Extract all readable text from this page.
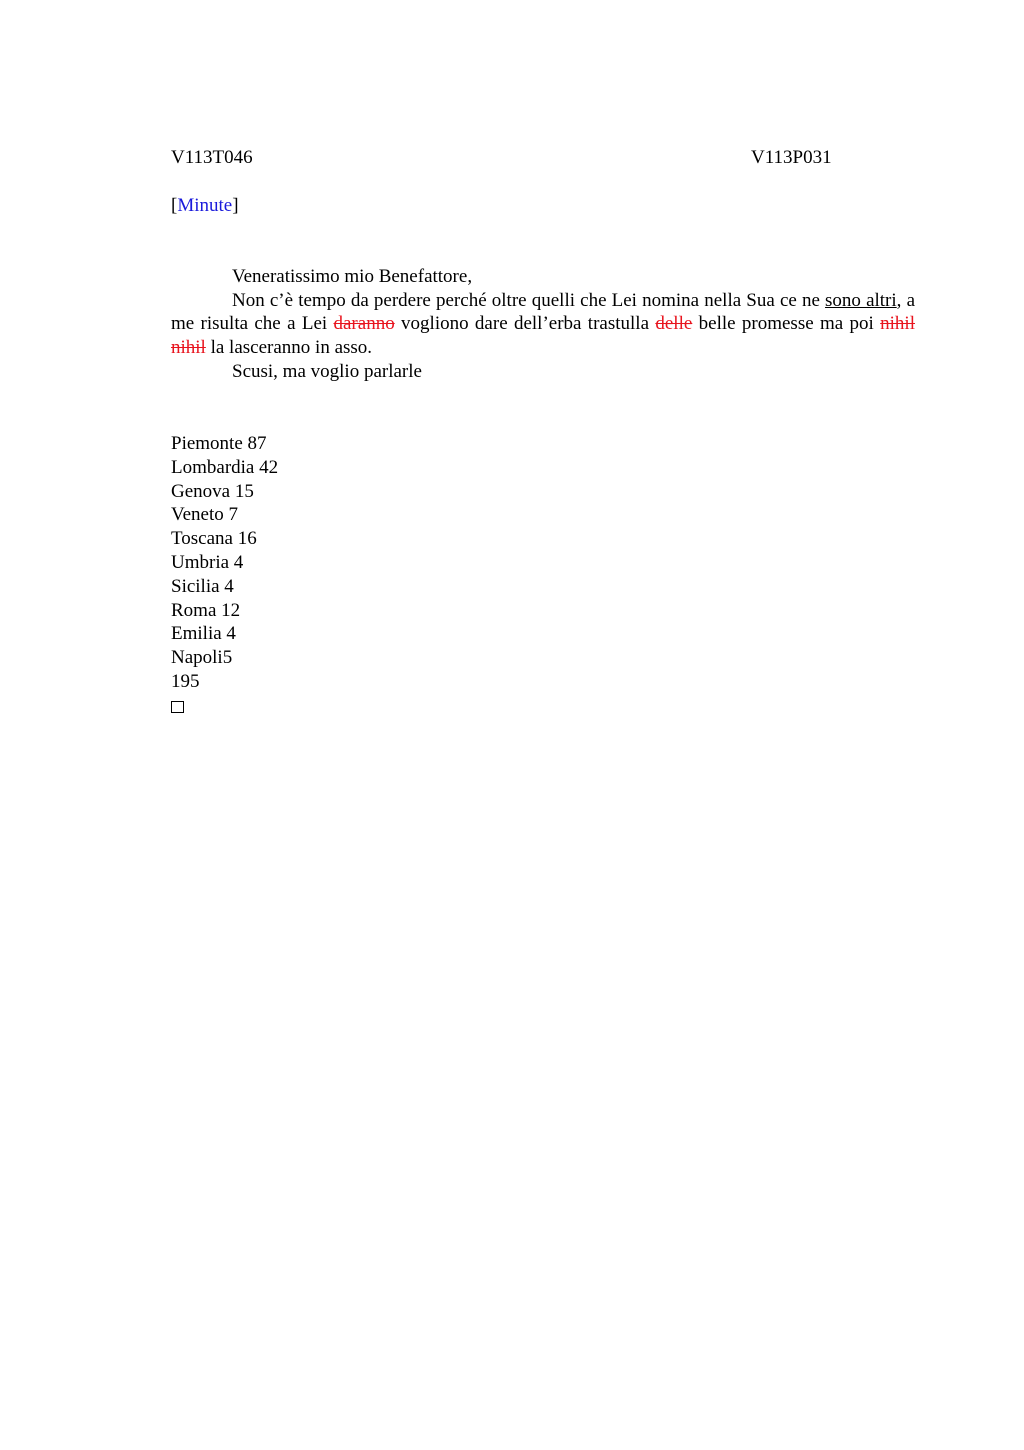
V113T046	V113P031
[Minute]

Veneratissimo mio Benefattore,

Non c’è tempo da perdere perché oltre quelli che Lei nomina nella Sua ce ne sono altri, a me risulta che a Lei daranno vogliono dare dell’erba trastulla delle belle promesse ma poi nihil nihil la lasceranno in asso.

Scusi, ma voglio parlarle

Piemonte 87
Lombardia 42
Genova 15
Veneto 7
Toscana 16
Umbria 4
Sicilia 4
Roma 12
Emilia 4
Napoli5
195
